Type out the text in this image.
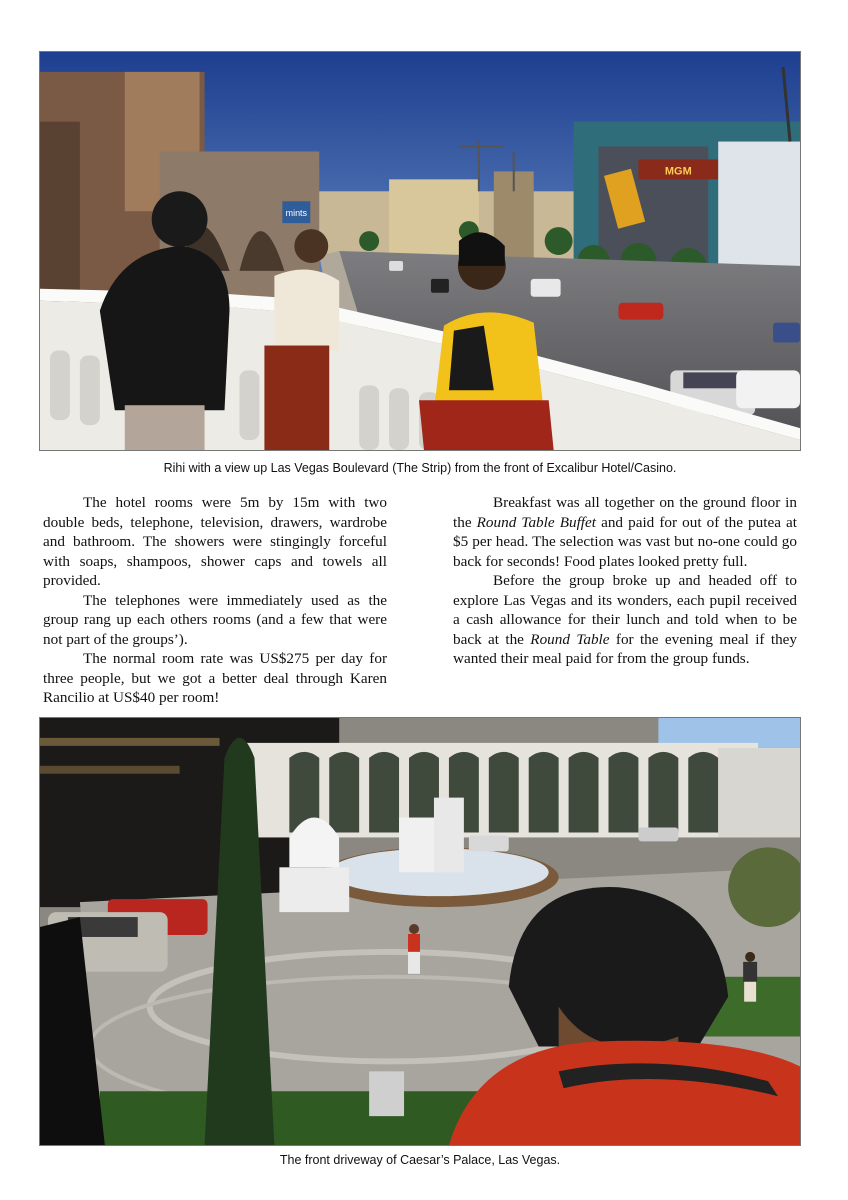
mints
MGM
Rihi with a view up Las Vegas Boulevard (The Strip) from the front of Excalibur Hotel/Casino.

The hotel rooms were 5m by 15m with two double beds, telephone, television, drawers, wardrobe and bathroom. The showers were stingingly forceful with soaps, shampoos, shower caps and towels all provided.

The telephones were immediately used as the group rang up each others rooms (and a few that were not part of the groups’).

The normal room rate was US$275 per day for three people, but we got a better deal through Karen Rancilio at US$40 per room!

Breakfast was all together on the ground floor in the Round Table Buffet and paid for out of the putea at $5 per head. The selection was vast but no-one could go back for seconds! Food plates looked pretty full.

Before the group broke up and headed off to explore Las Vegas and its wonders, each pupil received a cash allowance for their lunch and told when to be back at the Round Table for the evening meal if they wanted their meal paid for from the group funds.

The front driveway of Caesar’s Palace, Las Vegas.
